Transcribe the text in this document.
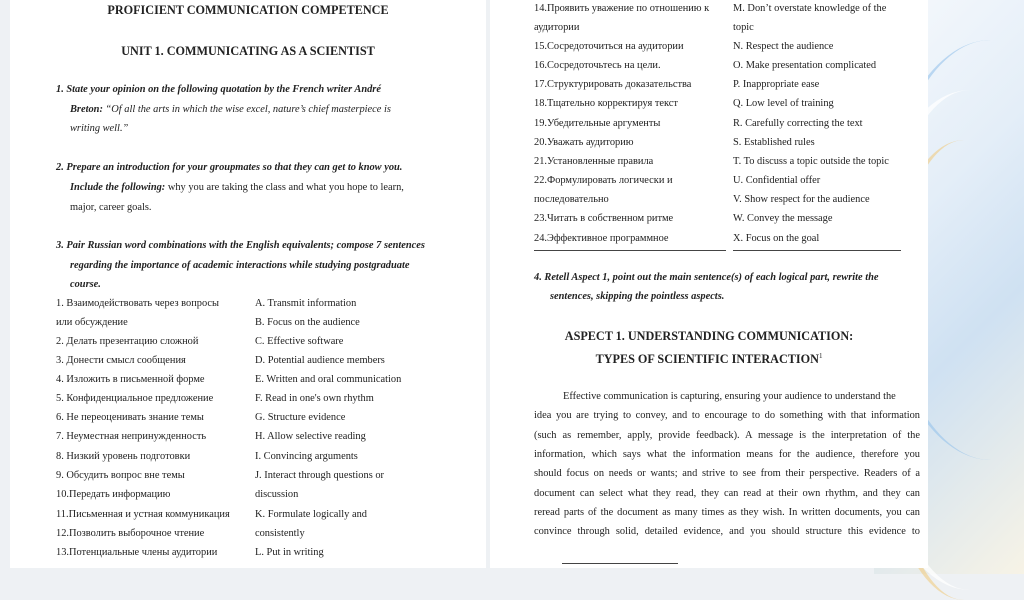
PROFICIENT COMMUNICATION COMPETENCE
UNIT 1. COMMUNICATING AS A SCIENTIST
1. State your opinion on the following quotation by the French writer André
Breton: “Of all the arts in which the wise excel, nature’s chief masterpiece is
writing well.”
2. Prepare an introduction for your groupmates so that they can get to know you.
Include the following: why you are taking the class and what you hope to learn,
major, career goals.
3. Pair Russian word combinations with the English equivalents; compose 7 sentences
regarding the importance of academic interactions while studying postgraduate
course.
1. Взаимодействовать через вопросы
или обсуждение
2. Делать презентацию сложной
3. Донести смысл сообщения
4. Изложить в письменной форме
5. Конфиденциальное предложение
6. Не переоценивать знание темы
7. Неуместная непринужденность
8. Низкий уровень подготовки
9. Обсудить вопрос вне темы
10.Передать информацию
11.Письменная и устная коммуникация
12.Позволить выборочное чтение
13.Потенциальные члены аудитории
A. Transmit information
B. Focus on the audience
C. Effective software
D. Potential audience members
E. Written and oral communication
F. Read in one's own rhythm
G. Structure evidence
H. Allow selective reading
I. Convincing arguments
J. Interact through questions or
discussion
K. Formulate logically and
consistently
L. Put in writing
14.Проявить уважение по отношению к
аудитории
15.Сосредоточиться на аудитории
16.Сосредоточьтесь на цели.
17.Структурировать доказательства
18.Тщательно корректируя текст
19.Убедительные аргументы
20.Уважать аудиторию
21.Установленные правила
22.Формулировать логически и
последовательно
23.Читать в собственном ритме
24.Эффективное программное
M. Don’t overstate knowledge of the
topic
N. Respect the audience
O. Make presentation complicated
P. Inappropriate ease
Q. Low level of training
R. Carefully correcting the text
S. Established rules
T. To discuss a topic outside the topic
U. Confidential offer
V. Show respect for the audience
W. Convey the message
X. Focus on the goal
4. Retell Aspect 1, point out the main sentence(s) of each logical part, rewrite the
sentences, skipping the pointless aspects.
ASPECT 1. UNDERSTANDING COMMUNICATION:
TYPES OF SCIENTIFIC INTERACTION$^1$
Effective communication is capturing, ensuring your audience to understand the
idea you are trying to convey, and to encourage to do something with that information
(such as remember, apply, provide feedback). A message is the interpretation of the
information, which says what the information means for the audience, therefore you
should focus on needs or wants; and strive to see from their perspective. Readers of a
document can select what they read, they can read at their own rhythm, and they can
reread parts of the document as many times as they wish. In written documents, you can
convince through solid, detailed evidence, and you should structure this evidence to
